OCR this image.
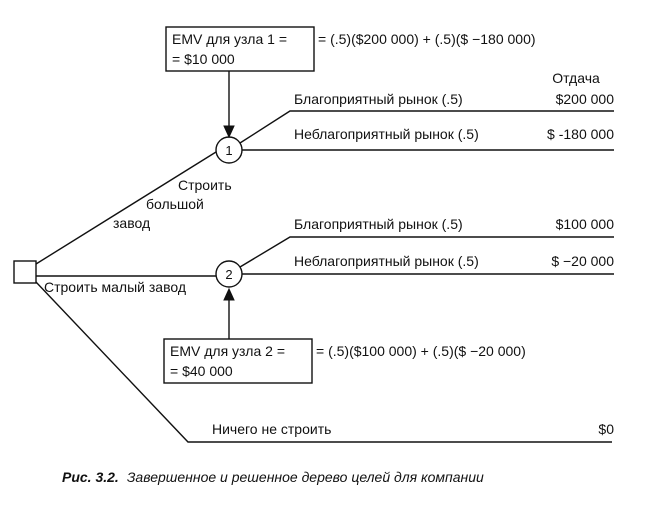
1
2
EMV для узла 1 =
= $10 000
= (.5)($200 000) + (.5)($ −180 000)
EMV для узла 2 =
= $40 000
= (.5)($100 000) + (.5)($ −20 000)
Отдача
Благоприятный рынок (.5)
Неблагоприятный рынок (.5)
Благоприятный рынок (.5)
Неблагоприятный рынок (.5)
$200 000
$ -180 000
$100 000
$ −20 000
$0
Строить
большой
завод
Строить малый завод
Ничего не строить
Рис. 3.2. Завершенное и решенное дерево целей для компании
